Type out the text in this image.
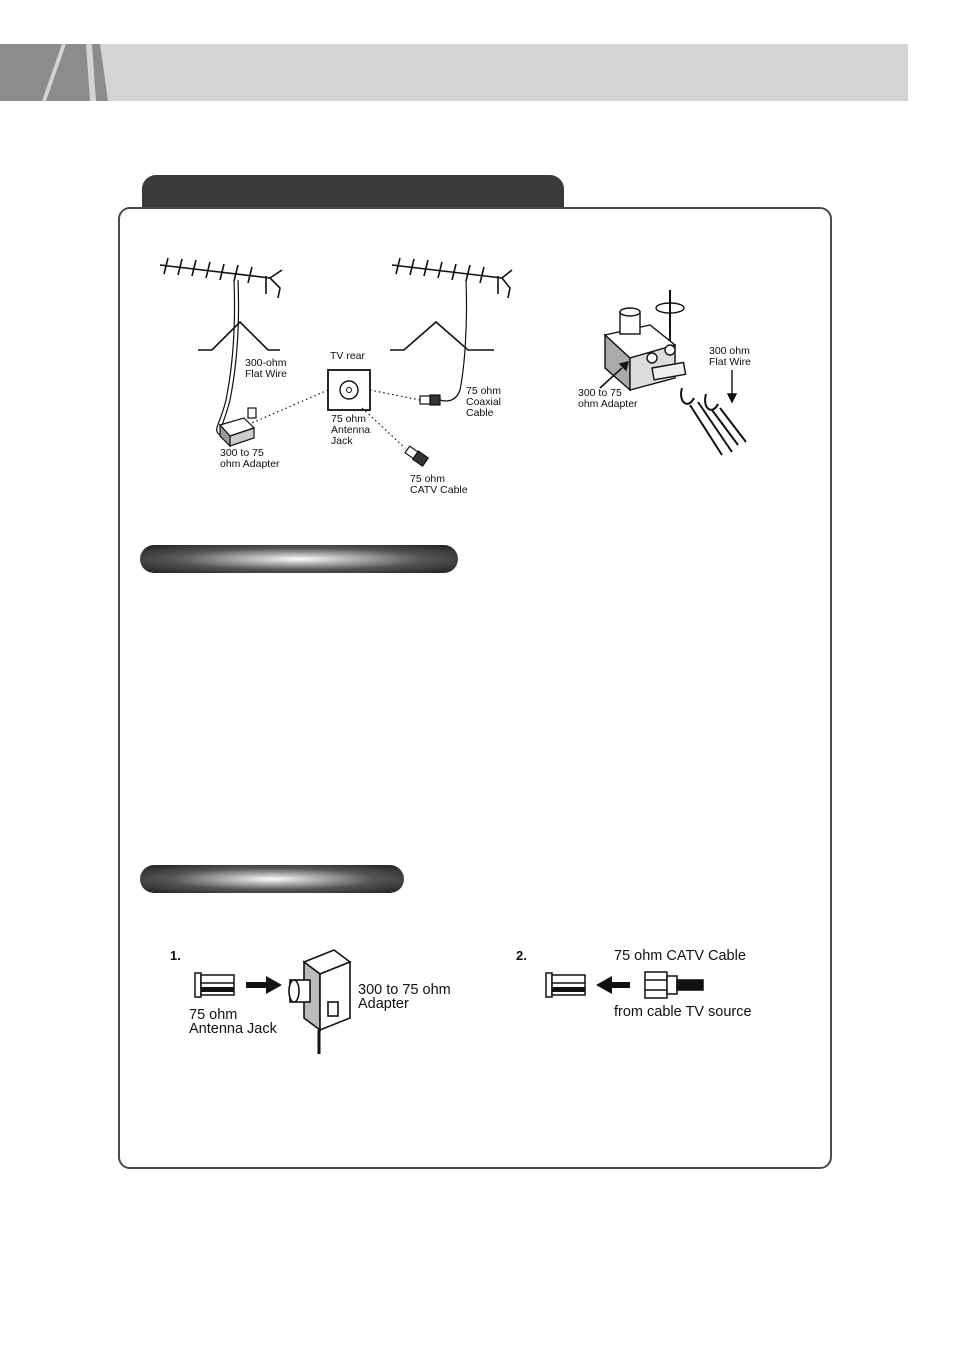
300-ohm
Flat Wire
TV rear
75 ohm
Antenna
Jack
75 ohm
Coaxial
Cable
300 to 75
ohm Adapter
75 ohm
CATV Cable
300 ohm
Flat Wire
300 to 75
ohm Adapter
1.
75 ohm
Antenna Jack
300 to 75 ohm
Adapter
2.	75 ohm CATV Cable
from cable TV source
